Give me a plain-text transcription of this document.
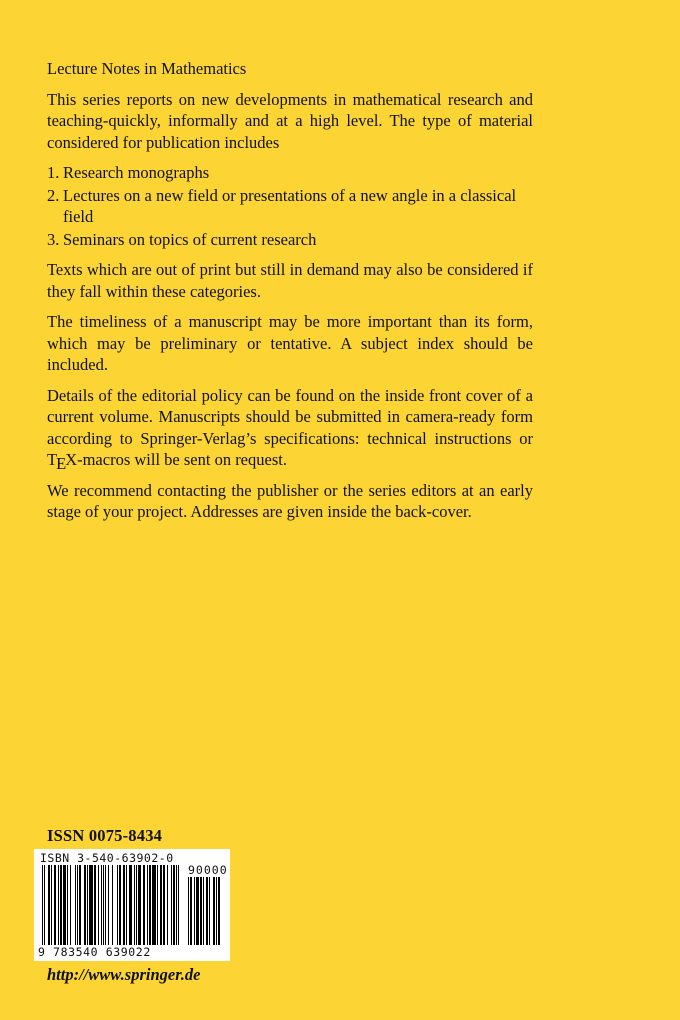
Lecture Notes in Mathematics

This series reports on new developments in mathematical research and teaching-quickly, informally and at a high level. The type of material considered for publication includes

1. Research monographs
2. Lectures on a new field or presentations of a new angle in a classical field
3. Seminars on topics of current research

Texts which are out of print but still in demand may also be considered if they fall within these categories.

The timeliness of a manuscript may be more important than its form, which may be preliminary or tentative. A subject index should be included.

Details of the editorial policy can be found on the inside front cover of a current volume. Manuscripts should be submitted in camera-ready form according to Springer-Verlag’s specifications: technical instructions or TEX-macros will be sent on request.

We recommend contacting the publisher or the series editors at an early stage of your project. Addresses are given inside the back-cover.

ISSN 0075-8434
ISBN 3-540-63902-0
90000
9 783540 639022
http://www.springer.de
